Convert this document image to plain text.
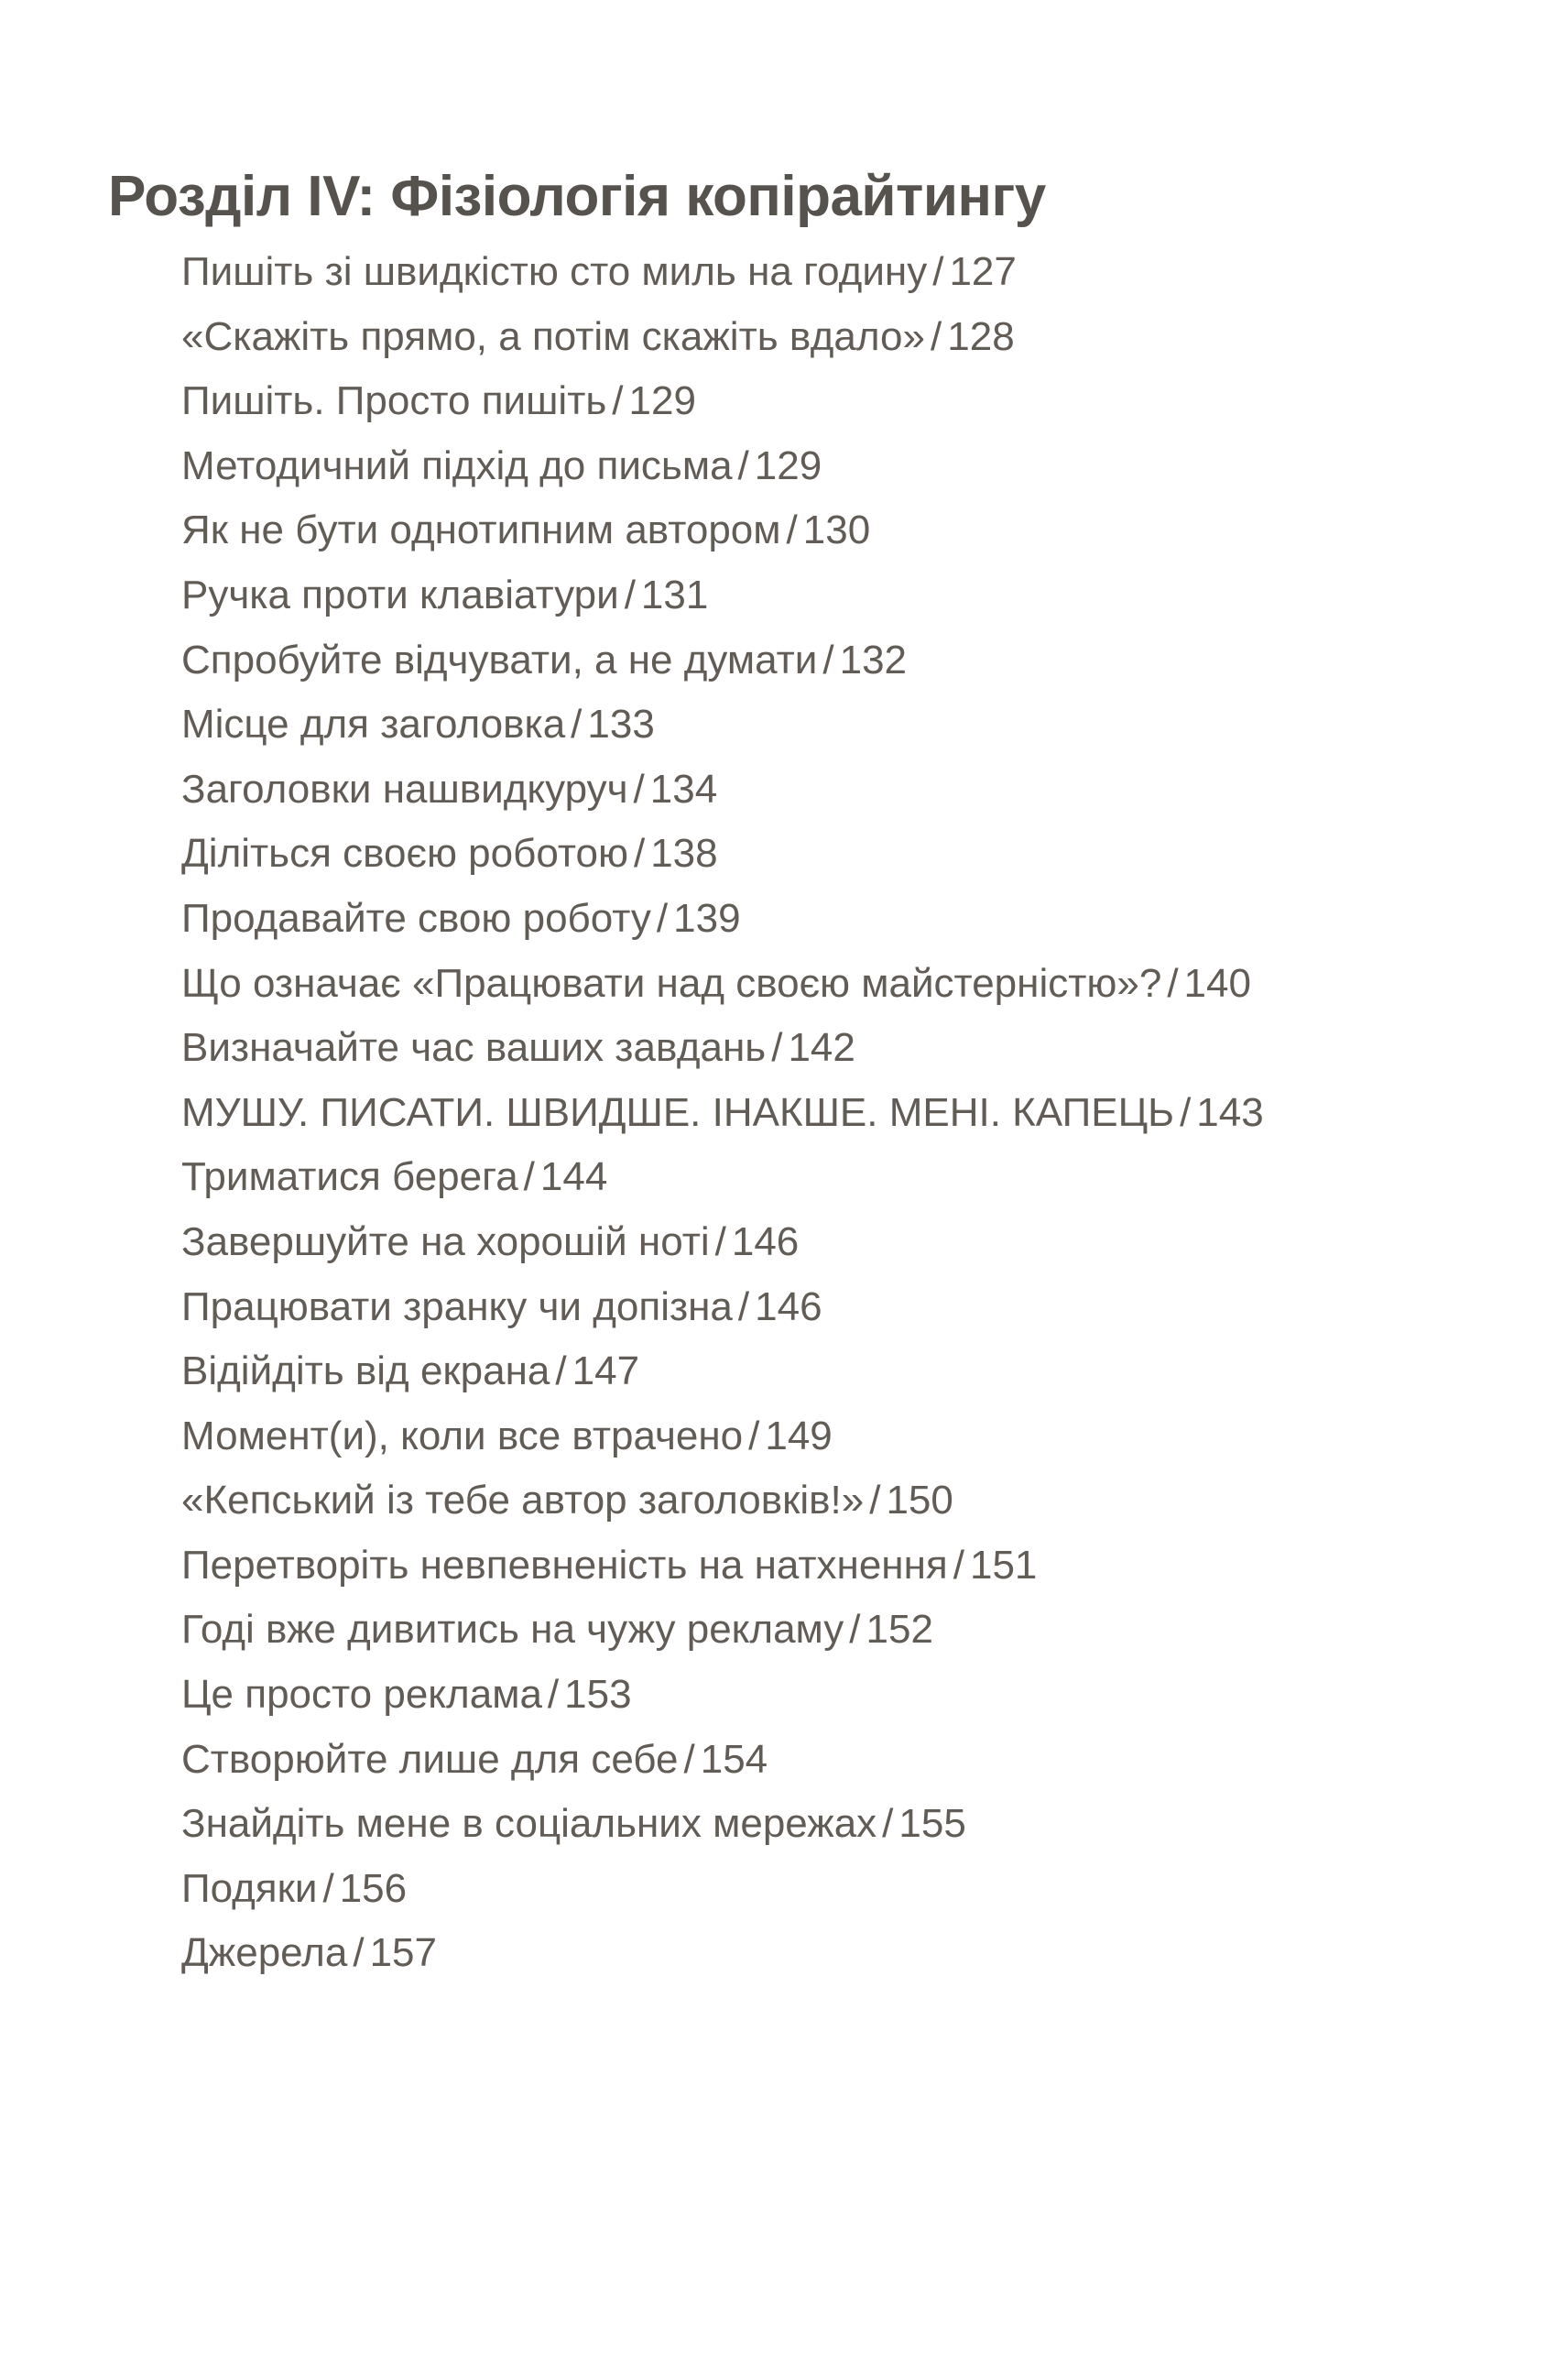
Розділ IV: Фізіологія копірайтингу
Пишіть зі швидкістю сто миль на годину / 127
«Скажіть прямо, а потім скажіть вдало» / 128
Пишіть. Просто пишіть / 129
Методичний підхід до письма / 129
Як не бути однотипним автором / 130
Ручка проти клавіатури / 131
Спробуйте відчувати, а не думати / 132
Місце для заголовка / 133
Заголовки нашвидкуруч / 134
Діліться своєю роботою / 138
Продавайте свою роботу / 139
Що означає «Працювати над своєю майстерністю»? / 140
Визначайте час ваших завдань / 142
МУШУ. ПИСАТИ. ШВИДШЕ. ІНАКШЕ. МЕНІ. КАПЕЦЬ / 143
Триматися берега / 144
Завершуйте на хорошій ноті / 146
Працювати зранку чи допізна / 146
Відійдіть від екрана / 147
Момент(и), коли все втрачено / 149
«Кепський із тебе автор заголовків!» / 150
Перетворіть невпевненість на натхнення / 151
Годі вже дивитись на чужу рекламу / 152
Це просто реклама / 153
Створюйте лише для себе / 154
Знайдіть мене в соціальних мережах / 155
Подяки / 156
Джерела / 157
